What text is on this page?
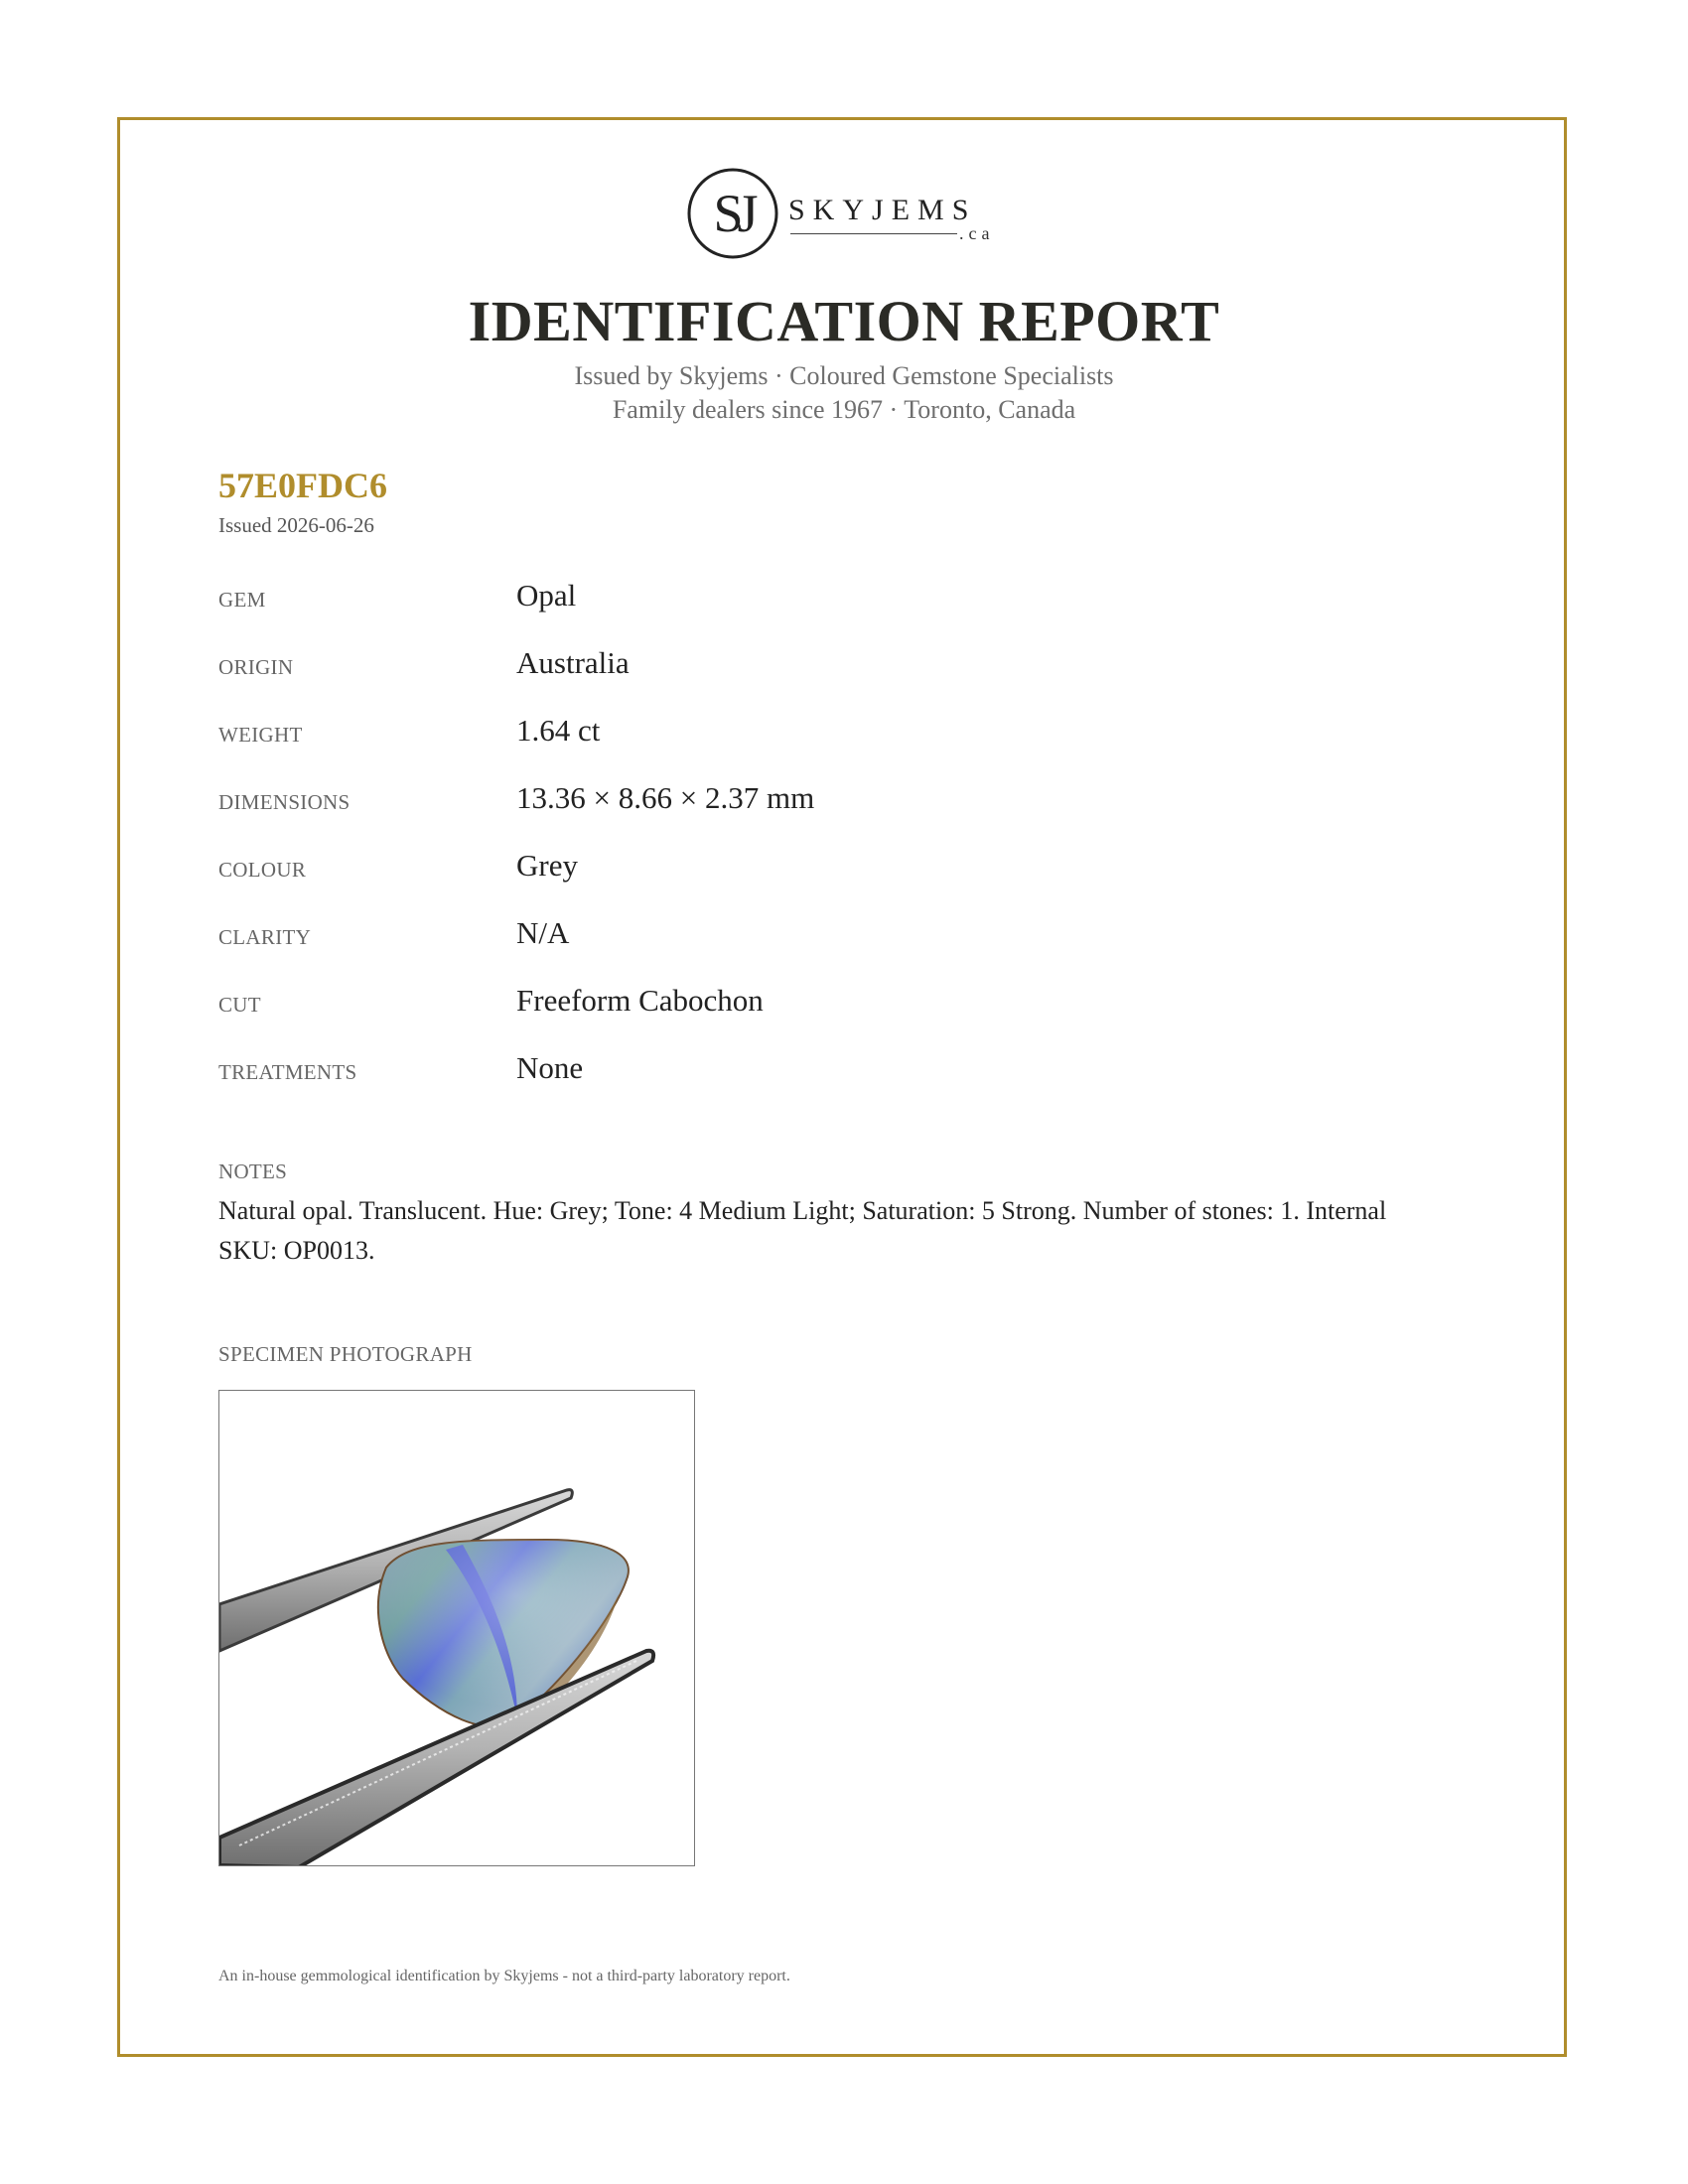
SJ SKYJEMS
.ca
IDENTIFICATION REPORT
Issued by Skyjems · Coloured Gemstone Specialists
Family dealers since 1967 · Toronto, Canada
57E0FDC6
Issued 2026-06-26
GEM	Opal
ORIGIN	Australia
WEIGHT	1.64 ct
DIMENSIONS	13.36 × 8.66 × 2.37 mm
COLOUR	Grey
CLARITY	N/A
CUT	Freeform Cabochon
TREATMENTS	None
NOTES
Natural opal. Translucent. Hue: Grey; Tone: 4 Medium Light; Saturation: 5 Strong. Number of stones: 1. Internal SKU: OP0013.
SPECIMEN PHOTOGRAPH
An in-house gemmological identification by Skyjems - not a third-party laboratory report.
